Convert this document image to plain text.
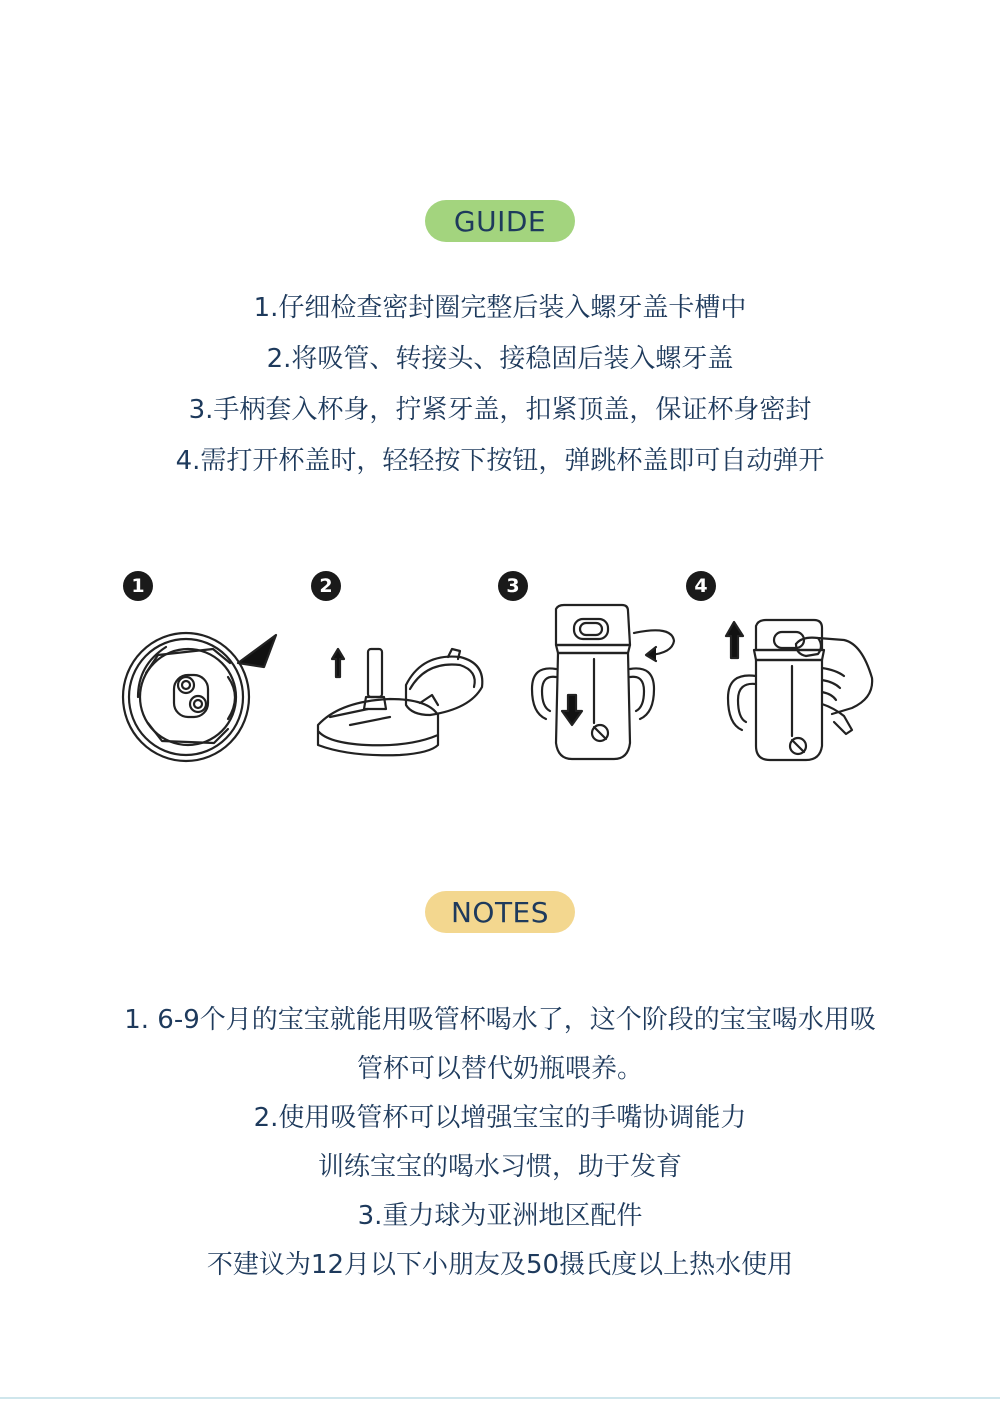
GUIDE
1.仔细检查密封圈完整后装入螺牙盖卡槽中
2.将吸管、转接头、接稳固后装入螺牙盖
3.手柄套入杯身，拧紧牙盖，扣紧顶盖，保证杯身密封
4.需打开杯盖时，轻轻按下按钮，弹跳杯盖即可自动弹开
1	2	3	4
NOTES
1. 6-9个月的宝宝就能用吸管杯喝水了，这个阶段的宝宝喝水用吸
管杯可以替代奶瓶喂养。
2.使用吸管杯可以增强宝宝的手嘴协调能力
训练宝宝的喝水习惯，助于发育
3.重力球为亚洲地区配件
不建议为12月以下小朋友及50摄氏度以上热水使用
